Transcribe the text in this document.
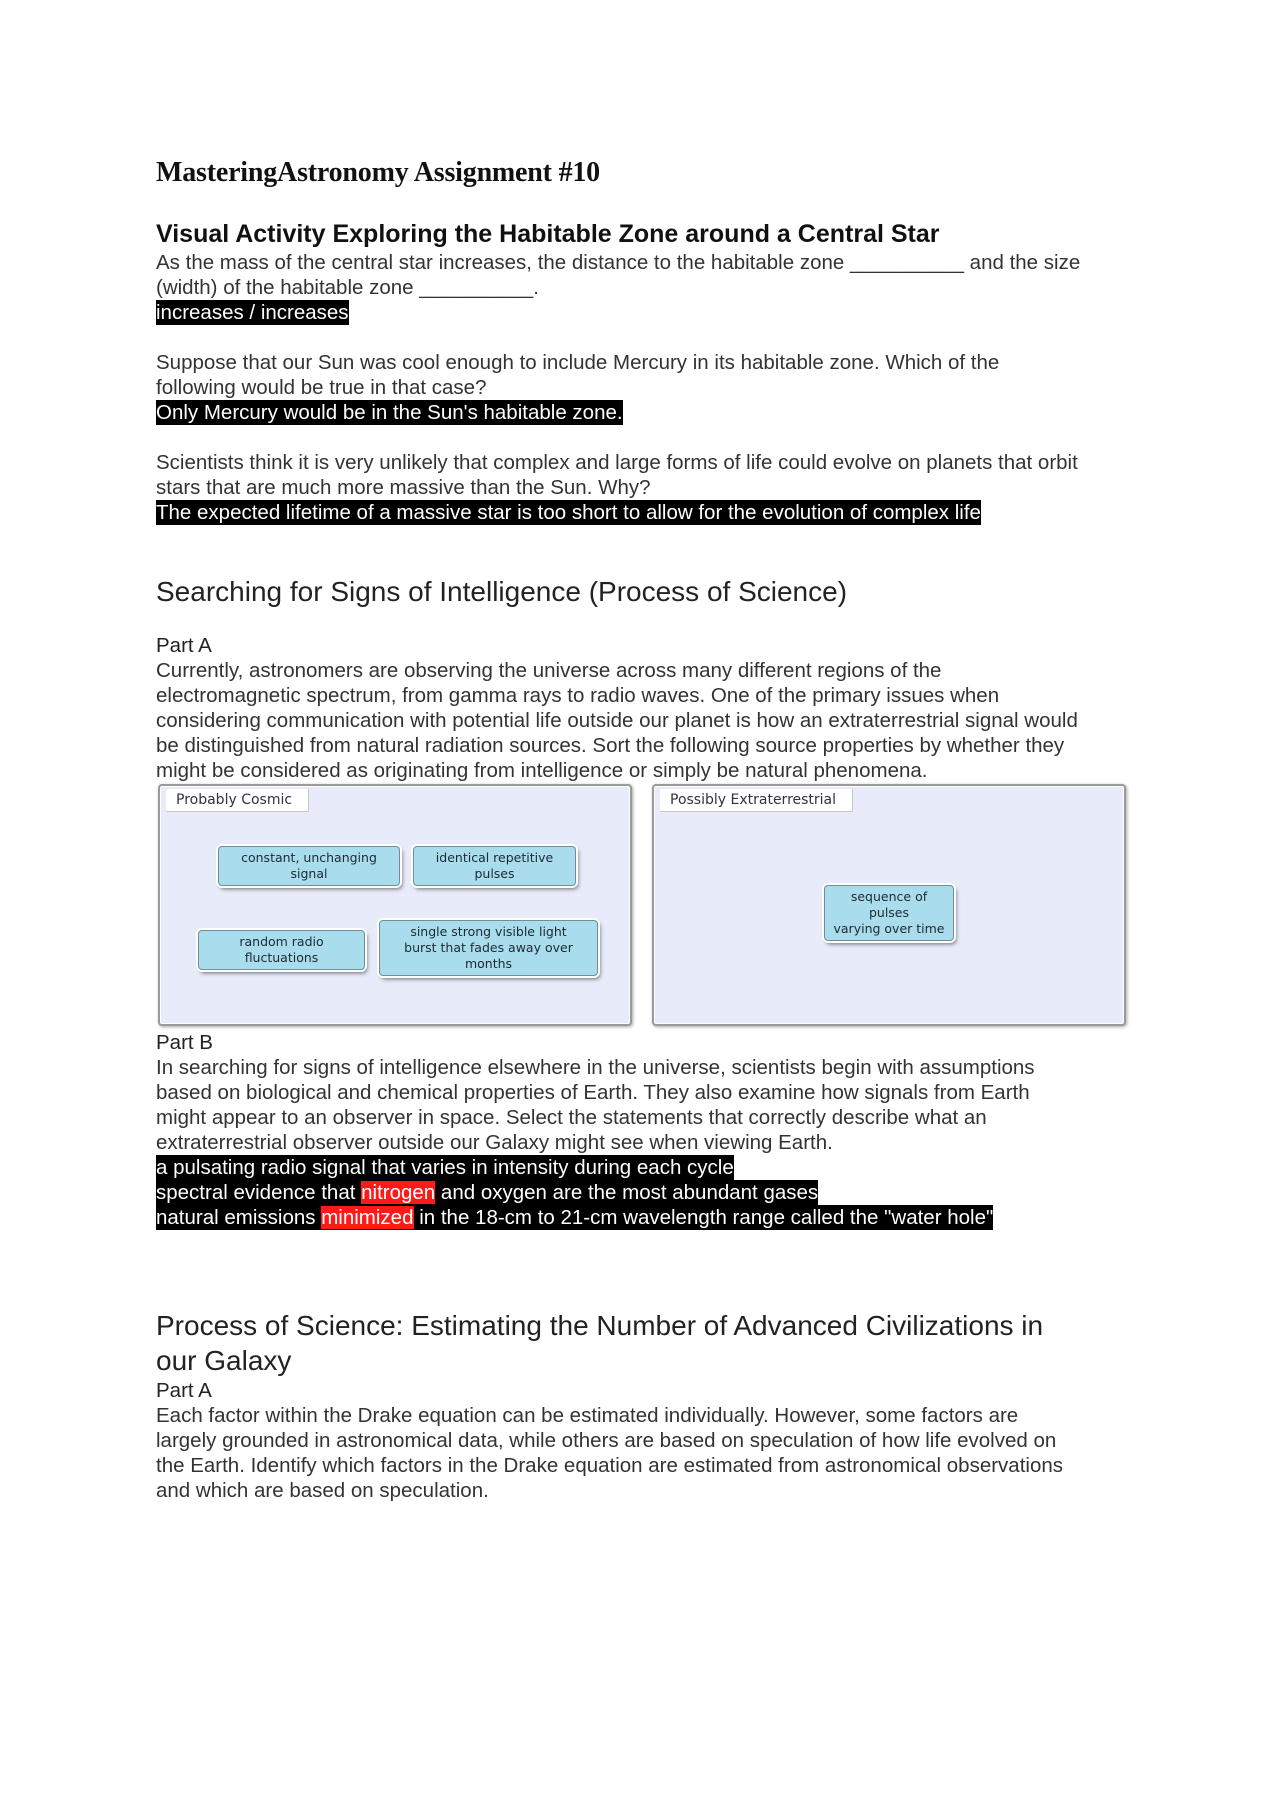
MasteringAstronomy Assignment #10
Visual Activity Exploring the Habitable Zone around a Central Star

As the mass of the central star increases, the distance to the habitable zone __________ and the size

(width) of the habitable zone __________.

increases / increases

Suppose that our Sun was cool enough to include Mercury in its habitable zone. Which of the

following would be true in that case?

Only Mercury would be in the Sun's habitable zone.

Scientists think it is very unlikely that complex and large forms of life could evolve on planets that orbit

stars that are much more massive than the Sun. Why?

The expected lifetime of a massive star is too short to allow for the evolution of complex life
Searching for Signs of Intelligence (Process of Science)

Part A

Currently, astronomers are observing the universe across many different regions of the

electromagnetic spectrum, from gamma rays to radio waves. One of the primary issues when

considering communication with potential life outside our planet is how an extraterrestrial signal would

be distinguished from natural radiation sources. Sort the following source properties by whether they

might be considered as originating from intelligence or simply be natural phenomena.

Probably Cosmic
constant, unchanging signal
identical repetitive pulses
random radio fluctuations
single strong visible light
burst that fades away over months
Possibly Extraterrestrial
sequence of pulses
varying over time

Part B

In searching for signs of intelligence elsewhere in the universe, scientists begin with assumptions

based on biological and chemical properties of Earth. They also examine how signals from Earth

might appear to an observer in space. Select the statements that correctly describe what an

extraterrestrial observer outside our Galaxy might see when viewing Earth.

a pulsating radio signal that varies in intensity during each cycle
spectral evidence that nitrogen and oxygen are the most abundant gases
natural emissions minimized in the 18-cm to 21-cm wavelength range called the "water hole"
Process of Science: Estimating the Number of Advanced Civilizations in
our Galaxy

Part A

Each factor within the Drake equation can be estimated individually. However, some factors are

largely grounded in astronomical data, while others are based on speculation of how life evolved on

the Earth. Identify which factors in the Drake equation are estimated from astronomical observations

and which are based on speculation.
